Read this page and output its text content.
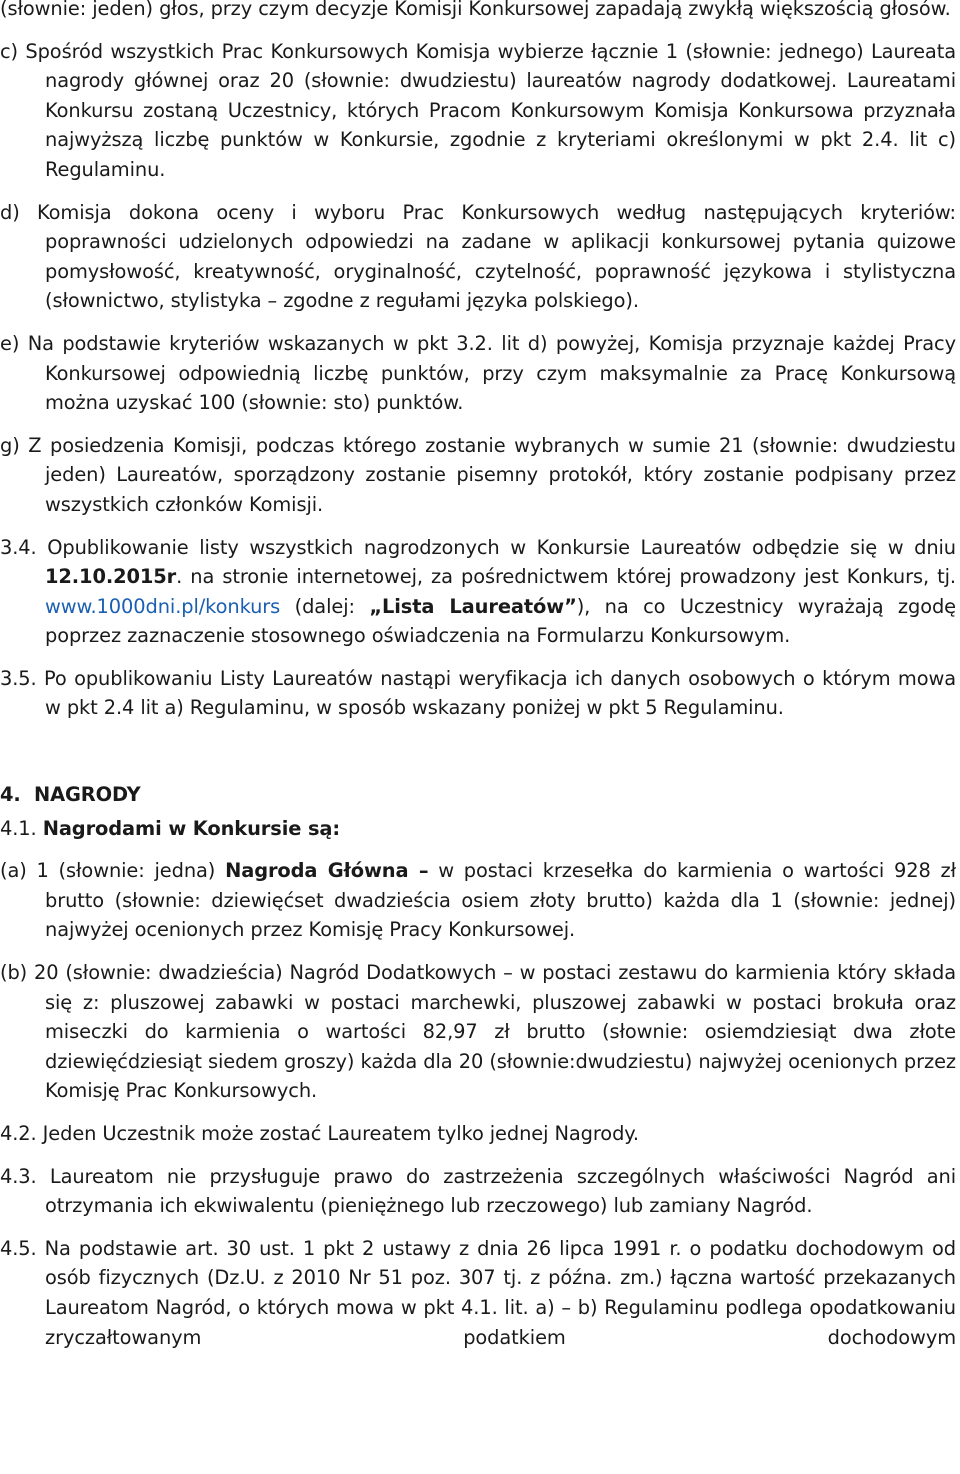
(słownie: jeden) głos, przy czym decyzje Komisji Konkursowej zapadają zwykłą większością głosów.
c) Spośród wszystkich Prac Konkursowych Komisja wybierze łącznie 1 (słownie: jednego) Laureata nagrody głównej oraz 20 (słownie: dwudziestu) laureatów nagrody dodatkowej. Laureatami Konkursu zostaną Uczestnicy, których Pracom Konkursowym Komisja Konkursowa przyznała najwyższą liczbę punktów w Konkursie, zgodnie z kryteriami określonymi w pkt 2.4. lit c) Regulaminu.
d) Komisja dokona oceny i wyboru Prac Konkursowych według następujących kryteriów: poprawności udzielonych odpowiedzi na zadane w aplikacji konkursowej pytania quizowe pomysłowość, kreatywność, oryginalność, czytelność, poprawność językowa i stylistyczna (słownictwo, stylistyka – zgodne z regułami języka polskiego).
e) Na podstawie kryteriów wskazanych w pkt 3.2. lit d) powyżej, Komisja przyznaje każdej Pracy Konkursowej odpowiednią liczbę punktów, przy czym maksymalnie za Pracę Konkursową można uzyskać 100 (słownie: sto) punktów.
g) Z posiedzenia Komisji, podczas którego zostanie wybranych w sumie 21 (słownie: dwudziestu jeden) Laureatów, sporządzony zostanie pisemny protokół, który zostanie podpisany przez wszystkich członków Komisji.
3.4. Opublikowanie listy wszystkich nagrodzonych w Konkursie Laureatów odbędzie się w dniu 12.10.2015r. na stronie internetowej, za pośrednictwem której prowadzony jest Konkurs, tj. www.1000dni.pl/konkurs (dalej: „Lista Laureatów”), na co Uczestnicy wyrażają zgodę poprzez zaznaczenie stosownego oświadczenia na Formularzu Konkursowym.
3.5. Po opublikowaniu Listy Laureatów nastąpi weryfikacja ich danych osobowych o którym mowa w pkt 2.4 lit a) Regulaminu, w sposób wskazany poniżej w pkt 5 Regulaminu.
4.  NAGRODY
4.1. Nagrodami w Konkursie są:
(a) 1 (słownie: jedna) Nagroda Główna – w postaci krzesełka do karmienia o wartości 928 zł brutto (słownie: dziewięćset dwadzieścia osiem złoty brutto) każda dla 1 (słownie: jednej) najwyżej ocenionych przez Komisję Pracy Konkursowej.
(b) 20 (słownie: dwadzieścia) Nagród Dodatkowych – w postaci zestawu do karmienia który składa się z: pluszowej zabawki w postaci marchewki, pluszowej zabawki w postaci brokuła oraz miseczki do karmienia o wartości 82,97 zł brutto (słownie: osiemdziesiąt dwa złote dziewięćdziesiąt siedem groszy) każda dla 20 (słownie:dwudziestu) najwyżej ocenionych przez Komisję Prac Konkursowych.
4.2. Jeden Uczestnik może zostać Laureatem tylko jednej Nagrody.
4.3. Laureatom nie przysługuje prawo do zastrzeżenia szczególnych właściwości Nagród ani otrzymania ich ekwiwalentu (pieniężnego lub rzeczowego) lub zamiany Nagród.
4.5. Na podstawie art. 30 ust. 1 pkt 2 ustawy z dnia 26 lipca 1991 r. o podatku dochodowym od osób fizycznych (Dz.U. z 2010 Nr 51 poz. 307 tj. z późna. zm.) łączna wartość przekazanych Laureatom Nagród, o których mowa w pkt 4.1. lit. a) – b) Regulaminu podlega opodatkowaniu zryczałtowanym podatkiem dochodowym
